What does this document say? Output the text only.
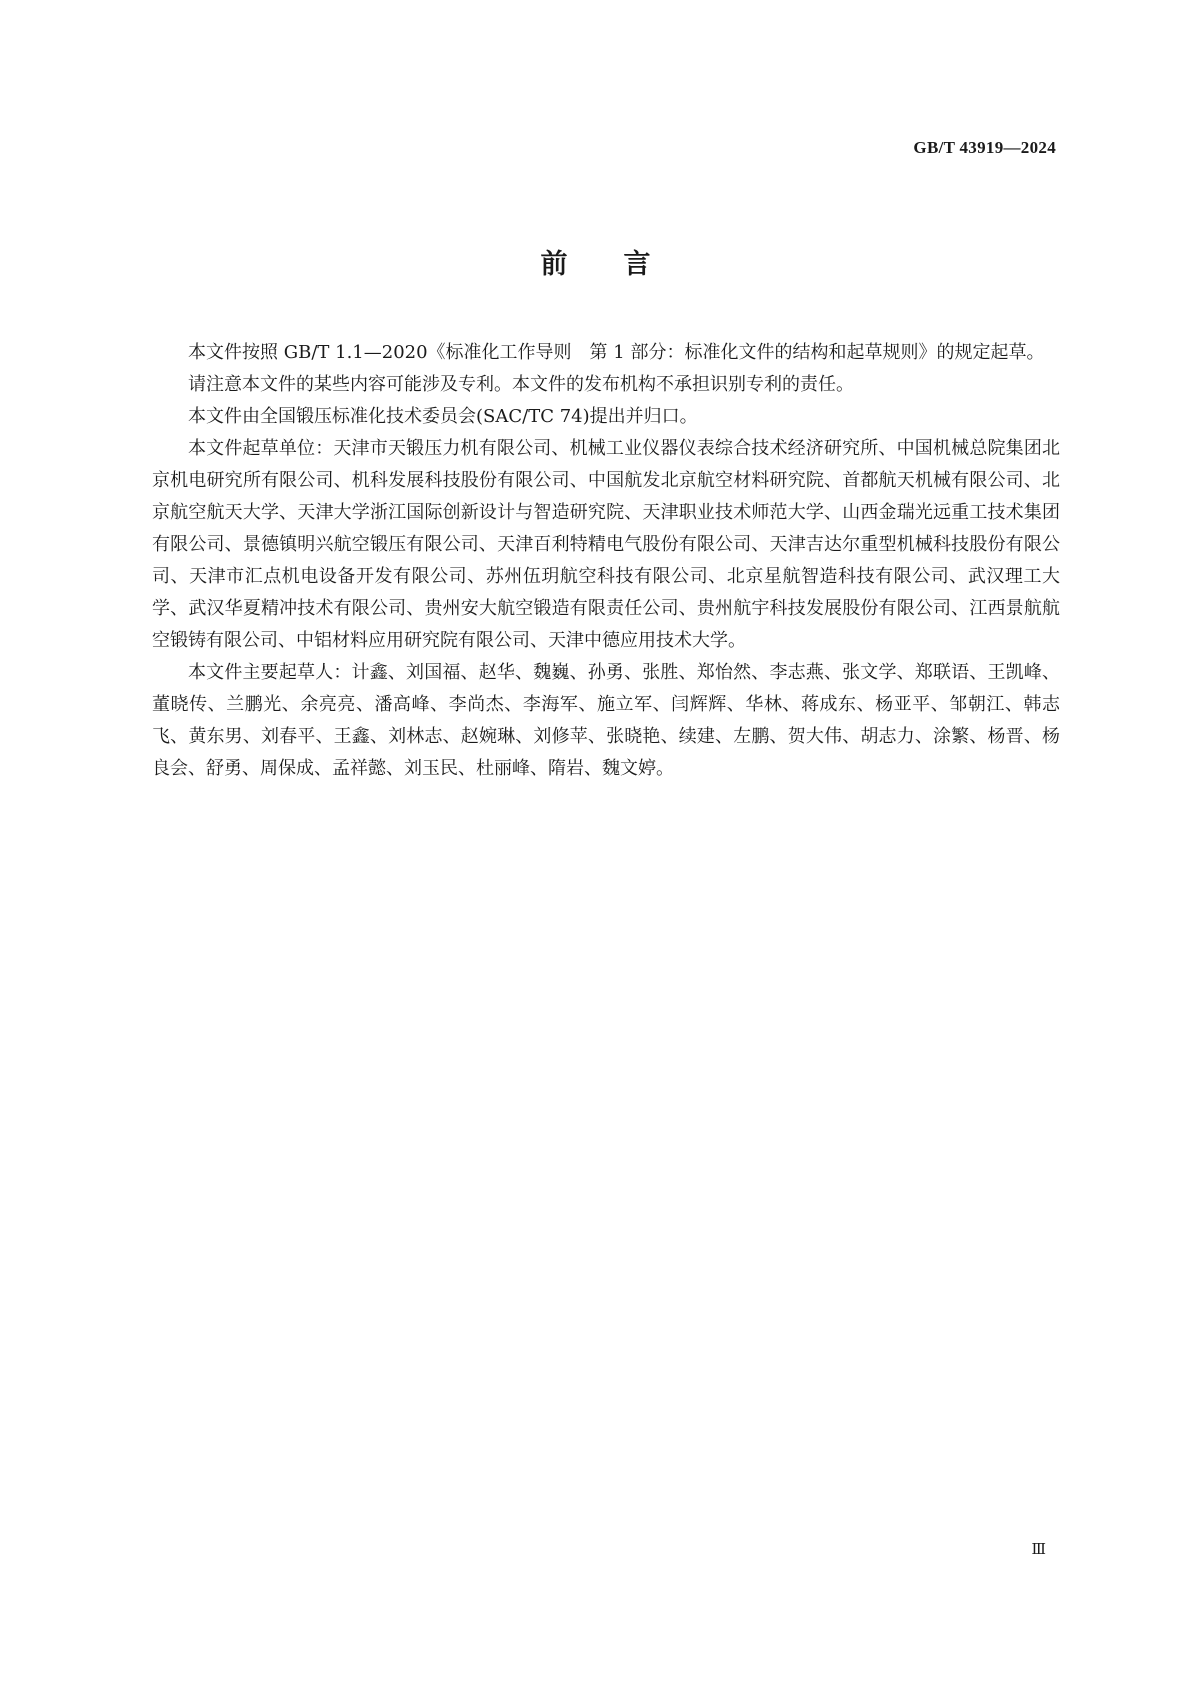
GB/T 43919—2024
前言

本文件按照 GB/T 1.1—2020《标准化工作导则　第 1 部分：标准化文件的结构和起草规则》的规定起草。

请注意本文件的某些内容可能涉及专利。本文件的发布机构不承担识别专利的责任。

本文件由全国锻压标准化技术委员会(SAC/TC 74)提出并归口。

本文件起草单位：天津市天锻压力机有限公司、机械工业仪器仪表综合技术经济研究所、中国机械总院集团北京机电研究所有限公司、机科发展科技股份有限公司、中国航发北京航空材料研究院、首都航天机械有限公司、北京航空航天大学、天津大学浙江国际创新设计与智造研究院、天津职业技术师范大学、山西金瑞光远重工技术集团有限公司、景德镇明兴航空锻压有限公司、天津百利特精电气股份有限公司、天津吉达尔重型机械科技股份有限公司、天津市汇点机电设备开发有限公司、苏州伍玥航空科技有限公司、北京星航智造科技有限公司、武汉理工大学、武汉华夏精冲技术有限公司、贵州安大航空锻造有限责任公司、贵州航宇科技发展股份有限公司、江西景航航空锻铸有限公司、中铝材料应用研究院有限公司、天津中德应用技术大学。

本文件主要起草人：计鑫、刘国福、赵华、魏巍、孙勇、张胜、郑怡然、李志燕、张文学、郑联语、王凯峰、董晓传、兰鹏光、余亮亮、潘高峰、李尚杰、李海军、施立军、闫辉辉、华林、蒋成东、杨亚平、邹朝江、韩志飞、黄东男、刘春平、王鑫、刘林志、赵婉琳、刘修苹、张晓艳、续建、左鹏、贺大伟、胡志力、涂繁、杨晋、杨良会、舒勇、周保成、孟祥懿、刘玉民、杜丽峰、隋岩、魏文婷。

Ⅲ
